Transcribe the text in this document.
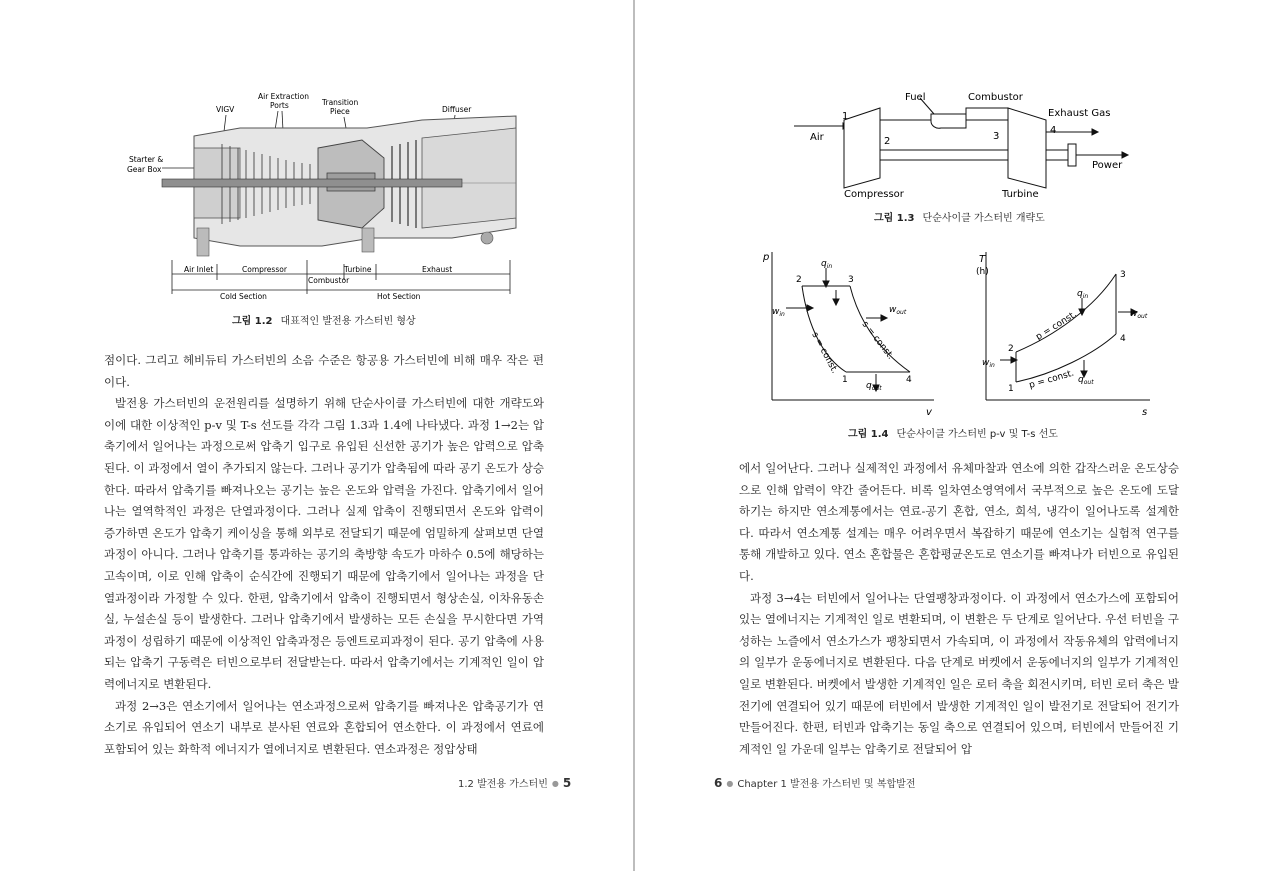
Starter &
Gear Box
VIGV
Air Extraction
Ports	Transition
Piece	Diffuser
Air Inlet	Compressor
Combustor
Turbine	Exhaust
Cold Section	Hot Section
그림 1.2 대표적인 발전용 가스터빈 형상

점이다. 그리고 헤비듀티 가스터빈의 소음 수준은 항공용 가스터빈에 비해 매우 작은 편이다.

발전용 가스터빈의 운전원리를 설명하기 위해 단순사이클 가스터빈에 대한 개략도와 이에 대한 이상적인 p-v 및 T-s 선도를 각각 그림 1.3과 1.4에 나타냈다. 과정 1→2는 압축기에서 일어나는 과정으로써 압축기 입구로 유입된 신선한 공기가 높은 압력으로 압축된다. 이 과정에서 열이 추가되지 않는다. 그러나 공기가 압축됨에 따라 공기 온도가 상승한다. 따라서 압축기를 빠져나오는 공기는 높은 온도와 압력을 가진다. 압축기에서 일어나는 열역학적인 과정은 단열과정이다. 그러나 실제 압축이 진행되면서 온도와 압력이 증가하면 온도가 압축기 케이싱을 통해 외부로 전달되기 때문에 엄밀하게 살펴보면 단열과정이 아니다. 그러나 압축기를 통과하는 공기의 축방향 속도가 마하수 0.5에 해당하는 고속이며, 이로 인해 압축이 순식간에 진행되기 때문에 압축기에서 일어나는 과정을 단열과정이라 가정할 수 있다. 한편, 압축기에서 압축이 진행되면서 형상손실, 이차유동손실, 누설손실 등이 발생한다. 그러나 압축기에서 발생하는 모든 손실을 무시한다면 가역과정이 성립하기 때문에 이상적인 압축과정은 등엔트로피과정이 된다. 공기 압축에 사용되는 압축기 구동력은 터빈으로부터 전달받는다. 따라서 압축기에서는 기계적인 일이 압력에너지로 변환된다.

과정 2→3은 연소기에서 일어나는 연소과정으로써 압축기를 빠져나온 압축공기가 연소기로 유입되어 연소기 내부로 분사된 연료와 혼합되어 연소한다. 이 과정에서 연료에 포함되어 있는 화학적 에너지가 열에너지로 변환된다. 연소과정은 정압상태

1.2 발전용 가스터빈 ● 5
Fuel	Combustor
Exhaust Gas
Air
Power
Compressor	Turbine
1
2	3
4
그림 1.3 단순사이클 가스터빈 개략도
p
v
$q_{in}$
$w_{in}$	$w_{out}$
$q_{out}$
s = const. s = const.
1
2	3
4
T
(h)
s
$q_{in}$
$w_{in}$
$w_{out}$
$q_{out}$
p = const.
p = const.
1
2
3
4
그림 1.4 단순사이클 가스터빈 p-v 및 T-s 선도

에서 일어난다. 그러나 실제적인 과정에서 유체마찰과 연소에 의한 갑작스러운 온도상승으로 인해 압력이 약간 줄어든다. 비록 일차연소영역에서 국부적으로 높은 온도에 도달하기는 하지만 연소계통에서는 연료-공기 혼합, 연소, 희석, 냉각이 일어나도록 설계한다. 따라서 연소계통 설계는 매우 어려우면서 복잡하기 때문에 연소기는 실험적 연구를 통해 개발하고 있다. 연소 혼합물은 혼합평균온도로 연소기를 빠져나가 터빈으로 유입된다.

과정 3→4는 터빈에서 일어나는 단열팽창과정이다. 이 과정에서 연소가스에 포함되어 있는 열에너지는 기계적인 일로 변환되며, 이 변환은 두 단계로 일어난다. 우선 터빈을 구성하는 노즐에서 연소가스가 팽창되면서 가속되며, 이 과정에서 작동유체의 압력에너지의 일부가 운동에너지로 변환된다. 다음 단계로 버켓에서 운동에너지의 일부가 기계적인 일로 변환된다. 버켓에서 발생한 기계적인 일은 로터 축을 회전시키며, 터빈 로터 축은 발전기에 연결되어 있기 때문에 터빈에서 발생한 기계적인 일이 발전기로 전달되어 전기가 만들어진다. 한편, 터빈과 압축기는 동일 축으로 연결되어 있으며, 터빈에서 만들어진 기계적인 일 가운데 일부는 압축기로 전달되어 압

6 ● Chapter 1 발전용 가스터빈 및 복합발전
